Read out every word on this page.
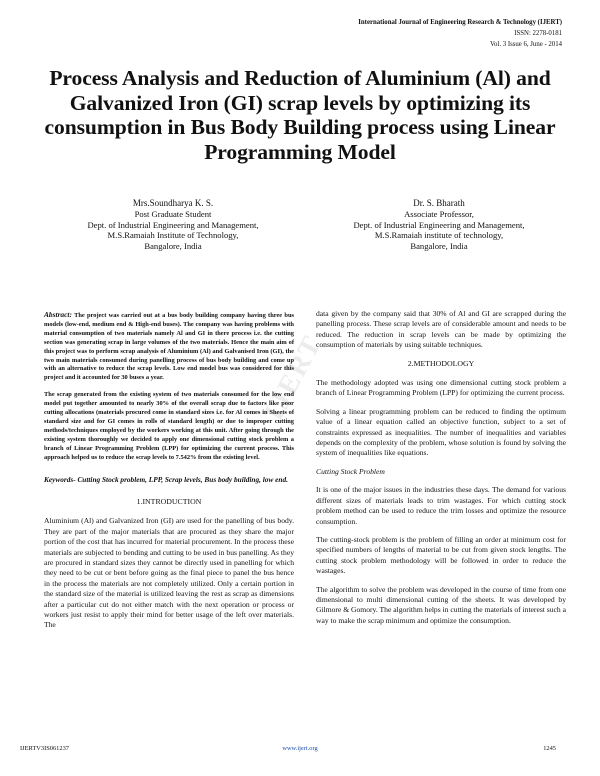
International Journal of Engineering Research & Technology (IJERT)
ISSN: 2278-0181
Vol. 3 Issue 6, June - 2014
Process Analysis and Reduction of Aluminium (Al) and Galvanized Iron (GI) scrap levels by optimizing its consumption in Bus Body Building process using Linear Programming Model
Mrs.Soundharya K. S.
Post Graduate Student
Dept. of Industrial Engineering and Management,
M.S.Ramaiah Institute of Technology,
Bangalore, India
Dr. S. Bharath
Associate Professor,
Dept. of Industrial Engineering and Management,
M.S.Ramaiah institute of technology,
Bangalore, India
IJERT

Abstract: The project was carried out at a bus body building company having three bus models (low-end, medium end & High-end buses). The company was having problems with material consumption of two materials namely Al and GI in there process i.e. the cutting section was generating scrap in large volumes of the two materials. Hence the main aim of this project was to perform scrap analysis of Aluminium (Al) and Galvanised Iron (GI), the two main materials consumed during panelling process of bus body building and come up with an alternative to reduce the scrap levels. Low end model bus was considered for this project and it accounted for 30 buses a year.

The scrap generated from the existing system of two materials consumed for the low end model put together amounted to nearly 30% of the overall scrap due to factors like poor cutting allocations (materials procured come in standard sizes i.e. for Al comes in Sheets of standard size and for GI comes in rolls of standard length) or due to improper cutting methods/techniques employed by the workers working at this unit. After going through the existing system thoroughly we decided to apply one dimensional cutting stock problem a branch of Linear Programming Problem (LPP) for optimizing the current process. This approach helped us to reduce the scrap levels to 7.542% from the existing level.

Keywords- Cutting Stock problem, LPP, Scrap levels, Bus body building, low end.
1.INTRODUCTION
Aluminium (Al) and Galvanized Iron (GI) are used for the panelling of bus body. They are part of the major materials that are procured as they share the major portion of the cost that has incurred for material procurement. In the process these materials are subjected to bending and cutting to be used in bus panelling. As they are procured in standard sizes they cannot be directly used in panelling for which they need to be cut or bent before going as the final piece to panel the bus hence in the process the materials are not completely utilized. Only a certain portion in the standard size of the material is utilized leaving the rest as scrap as dimensions after a particular cut do not either match with the next operation or process or workers just resist to apply their mind for better usage of the left over materials. The
data given by the company said that 30% of Al and GI are scrapped during the panelling process. These scrap levels are of considerable amount and needs to be reduced. The reduction in scrap levels can be made by optimizing the consumption of materials by using suitable techniques.
2.METHODOLOGY
The methodology adopted was using one dimensional cutting stock problem a branch of Linear Programming Problem (LPP) for optimizing the current process.
Solving a linear programming problem can be reduced to finding the optimum value of a linear equation called an objective function, subject to a set of constraints expressed as inequalities. The number of inequalities and variables depends on the complexity of the problem, whose solution is found by solving the system of inequalities like equations.
Cutting Stock Problem
It is one of the major issues in the industries these days. The demand for various different sizes of materials leads to trim wastages. For which cutting stock problem method can be used to reduce the trim losses and optimize the resource consumption.
The cutting-stock problem is the problem of filling an order at minimum cost for specified numbers of lengths of material to be cut from given stock lengths. The cutting stock problem methodology will be followed in order to reduce the wastages.
The algorithm to solve the problem was developed in the course of time from one dimensional to multi dimensional cutting of the sheets. It was developed by Gilmore & Gomory. The algorithm helps in cutting the materials of interest such a way to make the scrap minimum and optimize the consumption.
IJERTV3IS061237	www.ijert.org	1245
